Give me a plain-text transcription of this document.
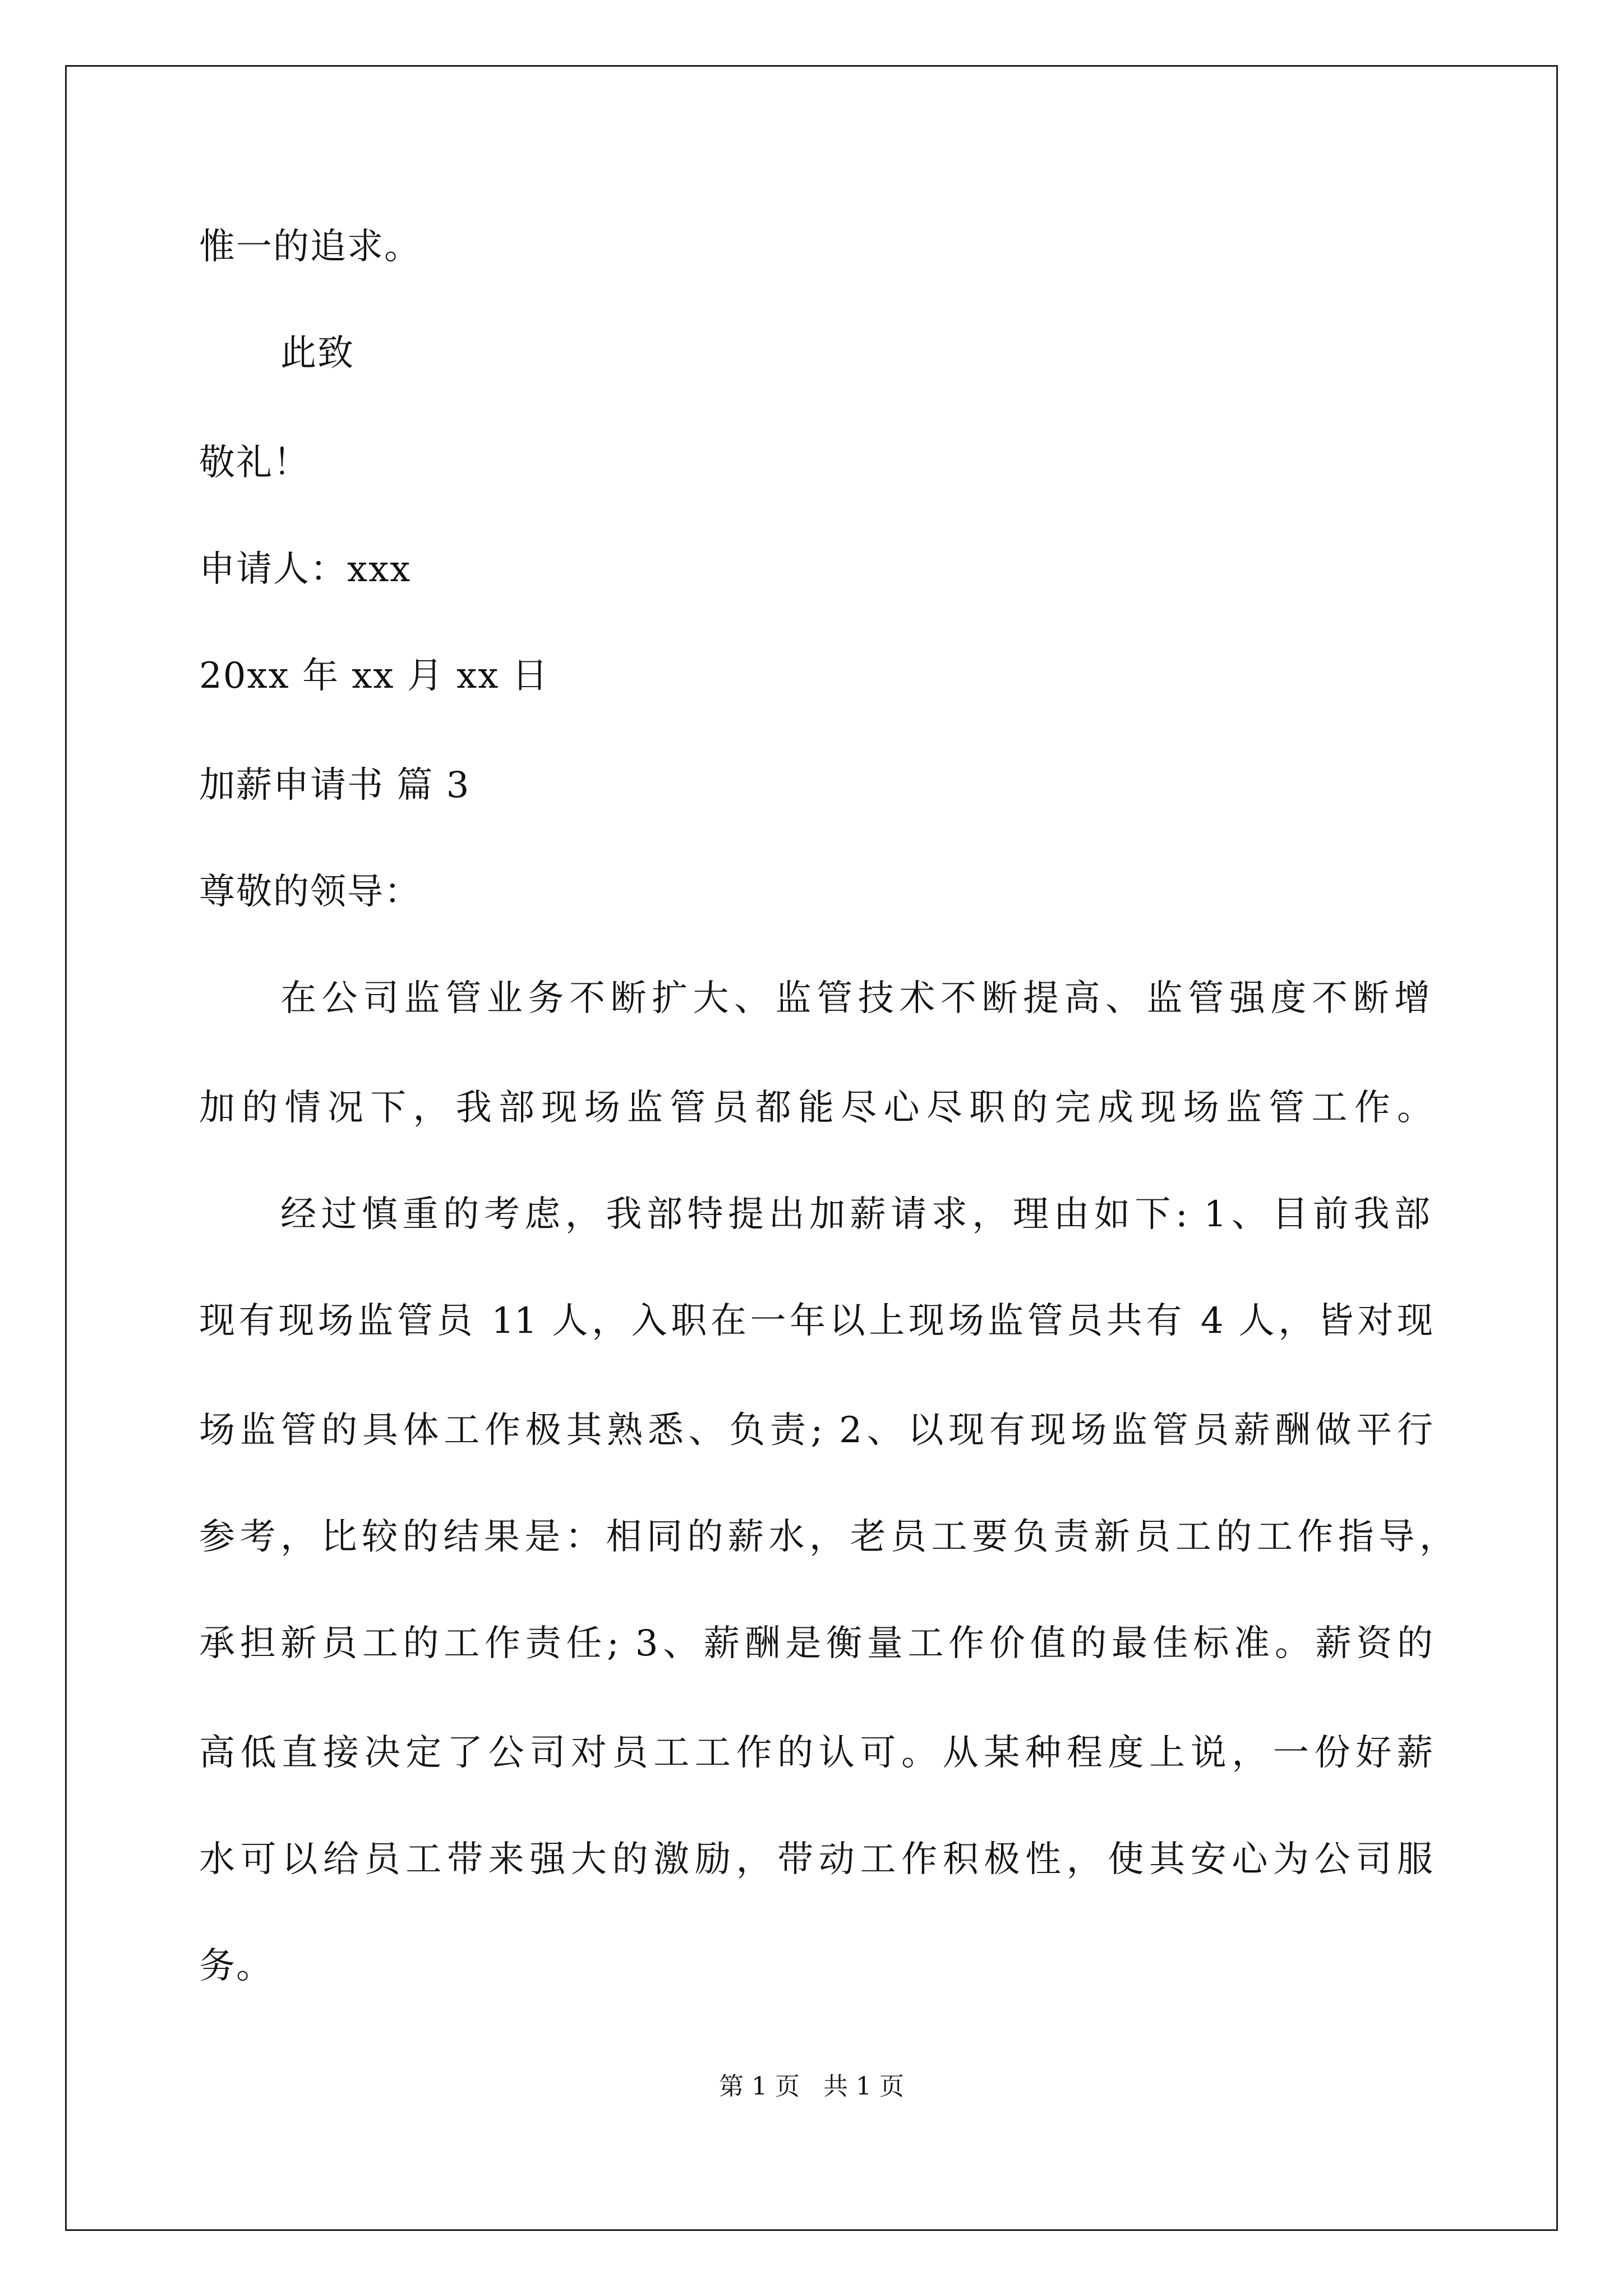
惟一的追求。
此致
敬礼！
申请人：xxx
20xx 年 xx 月 xx 日
加薪申请书 篇 3
尊敬的领导：
在公司监管业务不断扩大、监管技术不断提高、监管强度不断增
加的情况下，我部现场监管员都能尽心尽职的完成现场监管工作。
经过慎重的考虑，我部特提出加薪请求，理由如下: 1、目前我部
现有现场监管员 11 人，入职在一年以上现场监管员共有 4 人，皆对现
场监管的具体工作极其熟悉、负责; 2、以现有现场监管员薪酬做平行
参考，比较的结果是：相同的薪水，老员工要负责新员工的工作指导，
承担新员工的工作责任; 3、薪酬是衡量工作价值的最佳标准。薪资的
高低直接决定了公司对员工工作的认可。从某种程度上说，一份好薪
水可以给员工带来强大的激励，带动工作积极性，使其安心为公司服
务。
第 1 页   共 1 页
